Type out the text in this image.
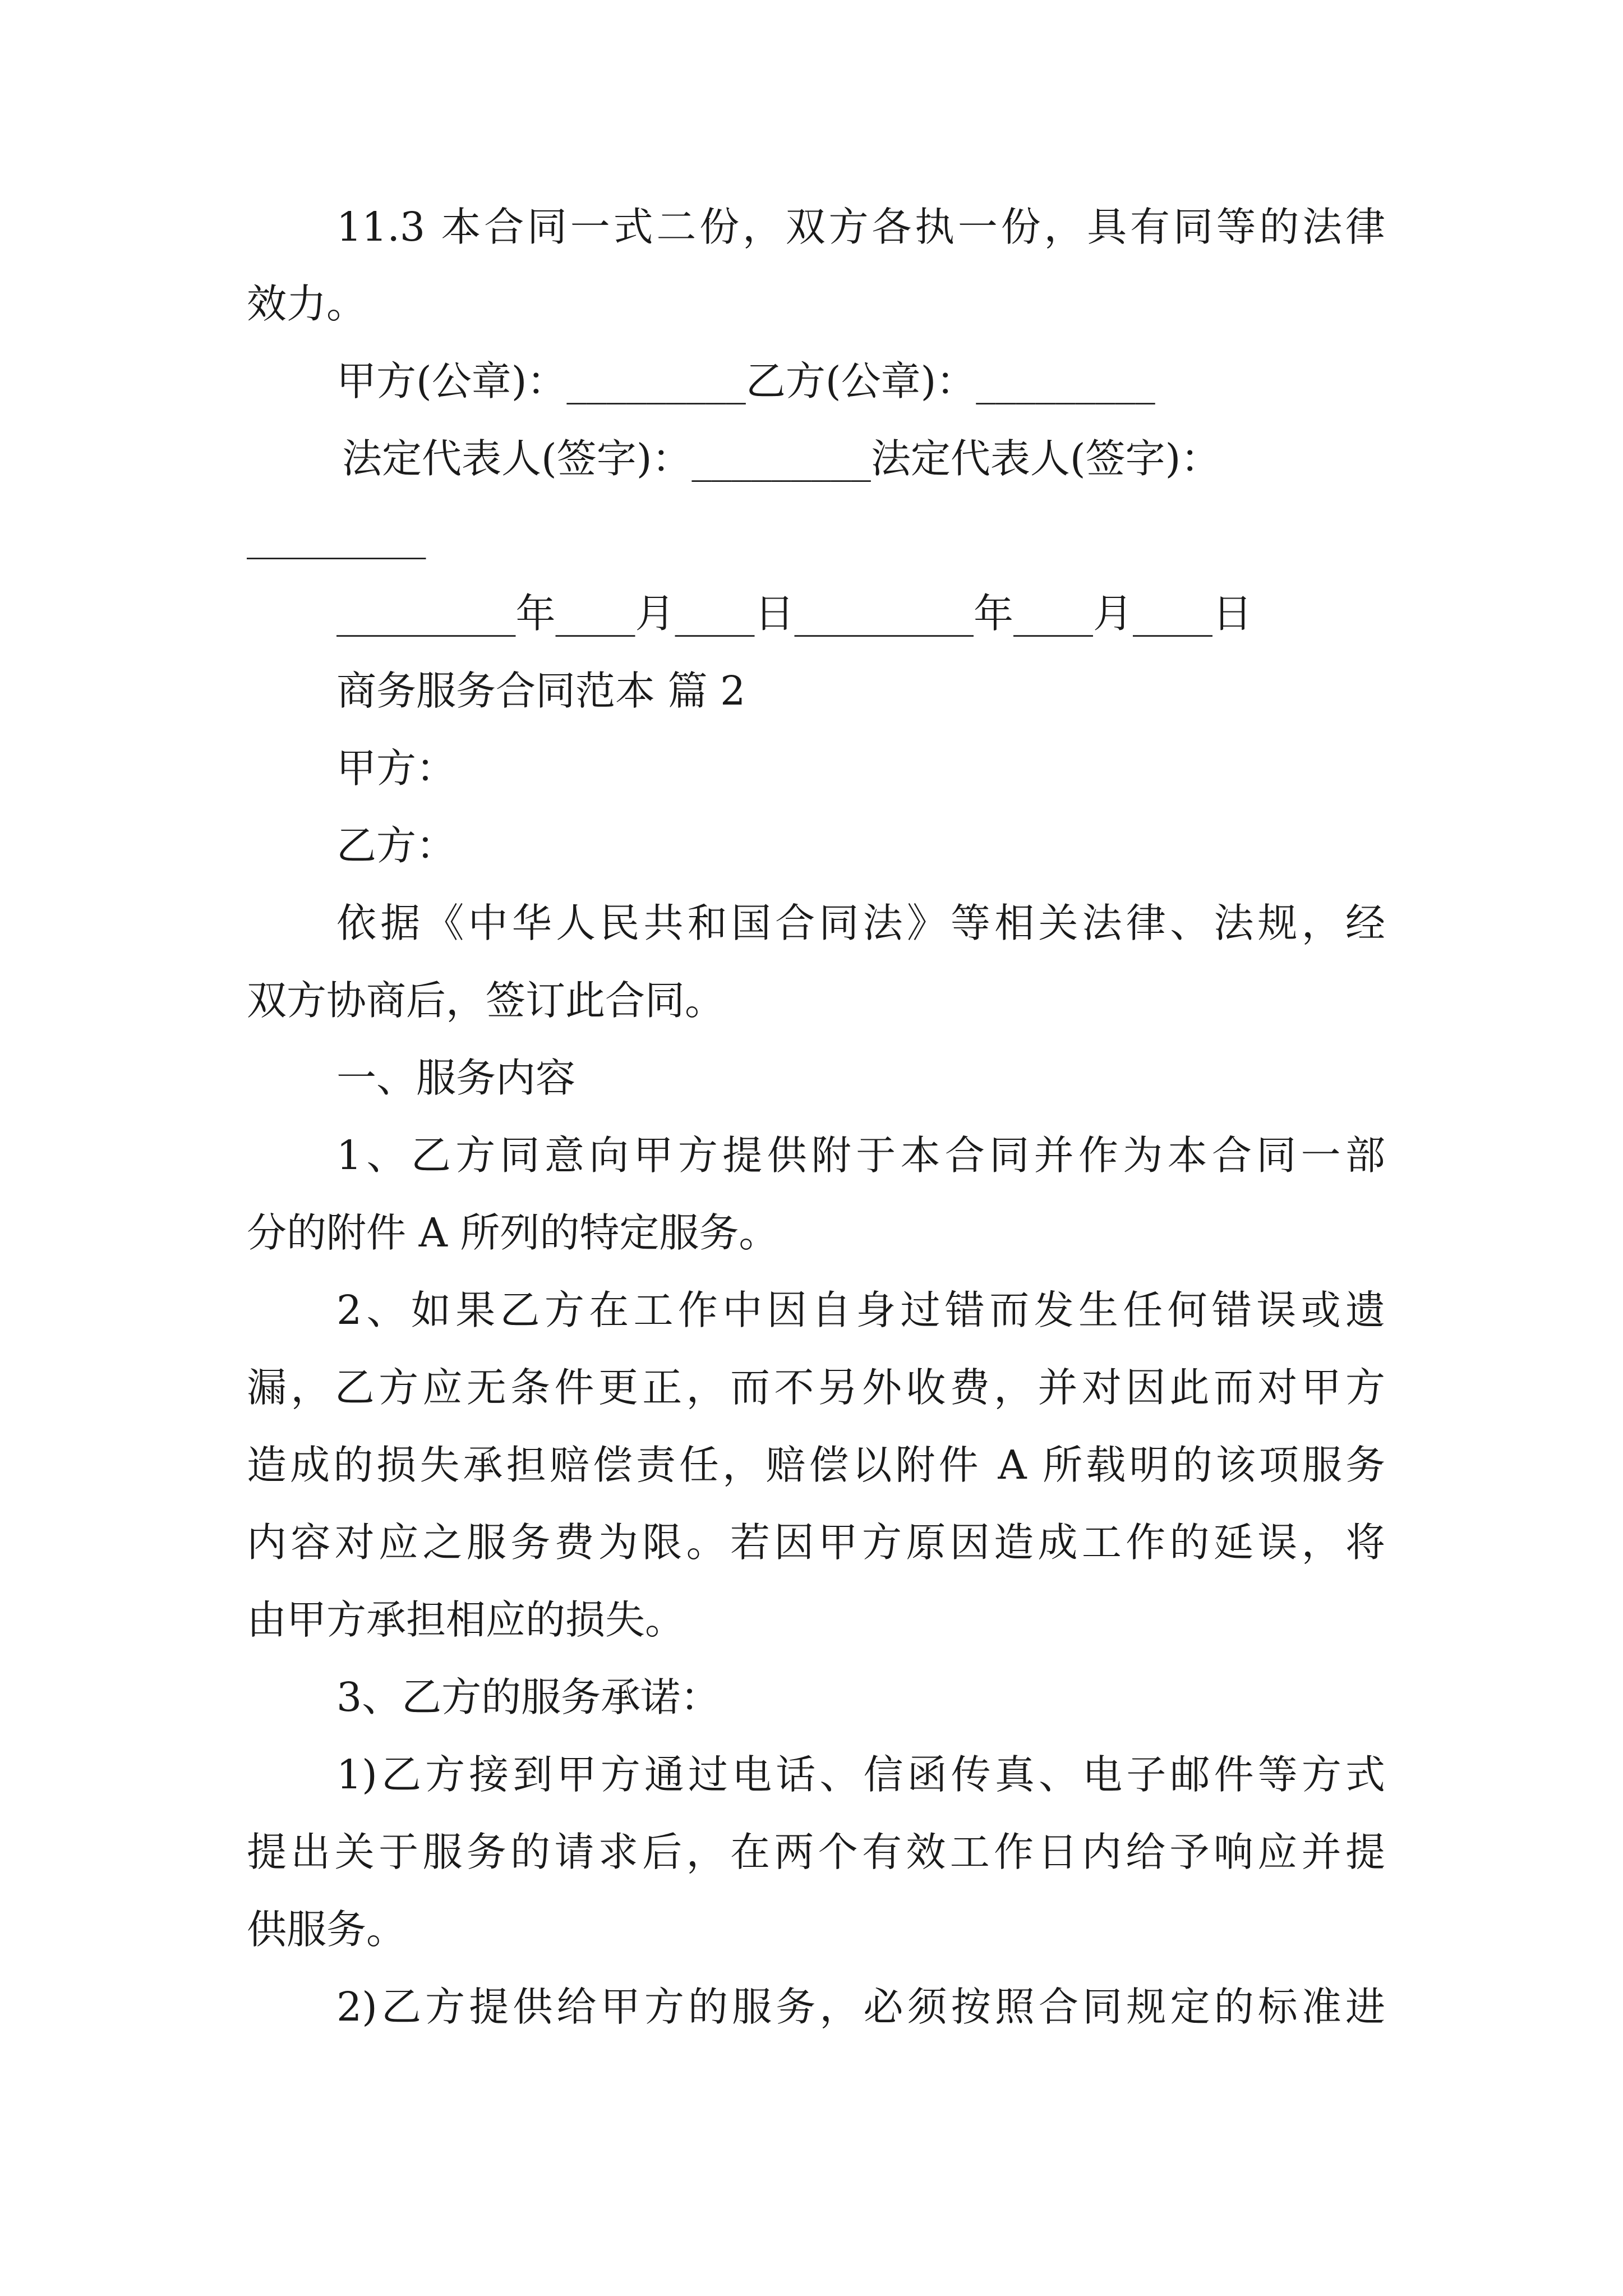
11.3 本合同一式二份，双方各执一份，具有同等的法律
效力。
甲方(公章)：_________乙方(公章)：_________
法定代表人(签字)：_________法定代表人(签字)：
_________
_________年____月____日_________年____月____日
商务服务合同范本 篇 2
甲方：
乙方：
依据《中华人民共和国合同法》等相关法律、法规，经
双方协商后，签订此合同。
一、服务内容
1、乙方同意向甲方提供附于本合同并作为本合同一部
分的附件 A 所列的特定服务。
2、如果乙方在工作中因自身过错而发生任何错误或遗
漏，乙方应无条件更正，而不另外收费，并对因此而对甲方
造成的损失承担赔偿责任，赔偿以附件 A 所载明的该项服务
内容对应之服务费为限。若因甲方原因造成工作的延误，将
由甲方承担相应的损失。
3、乙方的服务承诺：
1)乙方接到甲方通过电话、信函传真、电子邮件等方式
提出关于服务的请求后，在两个有效工作日内给予响应并提
供服务。
2)乙方提供给甲方的服务，必须按照合同规定的标准进
